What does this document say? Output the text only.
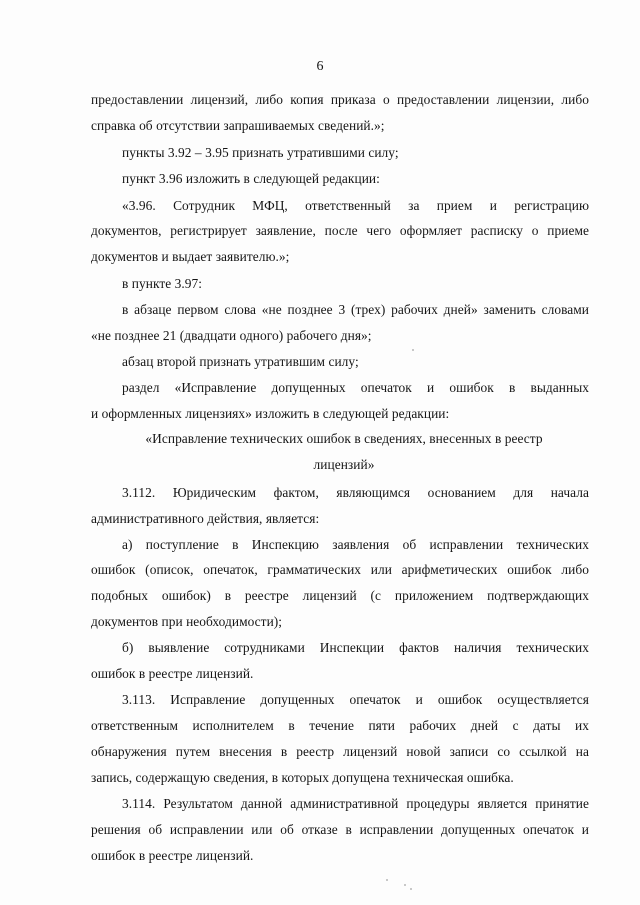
6
предоставлении лицензий, либо копия приказа о предоставлении лицензии, либо
справка об отсутствии запрашиваемых сведений.»;
пункты 3.92 – 3.95 признать утратившими силу;
пункт 3.96 изложить в следующей редакции:
«3.96. Сотрудник МФЦ, ответственный за прием и регистрацию
документов, регистрирует заявление, после чего оформляет расписку о приеме
документов и выдает заявителю.»;
в пункте 3.97:
в абзаце первом слова «не позднее 3 (трех) рабочих дней» заменить словами
«не позднее 21 (двадцати одного) рабочего дня»;
абзац второй признать утратившим силу;
раздел «Исправление допущенных опечаток и ошибок в выданных
и оформленных лицензиях» изложить в следующей редакции:
«Исправление технических ошибок в сведениях, внесенных в реестр
лицензий»
3.112. Юридическим фактом, являющимся основанием для начала
административного действия, является:
а) поступление в Инспекцию заявления об исправлении технических
ошибок (описок, опечаток, грамматических или арифметических ошибок либо
подобных ошибок) в реестре лицензий (с приложением подтверждающих
документов при необходимости);
б) выявление сотрудниками Инспекции фактов наличия технических
ошибок в реестре лицензий.
3.113. Исправление допущенных опечаток и ошибок осуществляется
ответственным исполнителем в течение пяти рабочих дней с даты их
обнаружения путем внесения в реестр лицензий новой записи со ссылкой на
запись, содержащую сведения, в которых допущена техническая ошибка.
3.114. Результатом данной административной процедуры является принятие
решения об исправлении или об отказе в исправлении допущенных опечаток и
ошибок в реестре лицензий.
